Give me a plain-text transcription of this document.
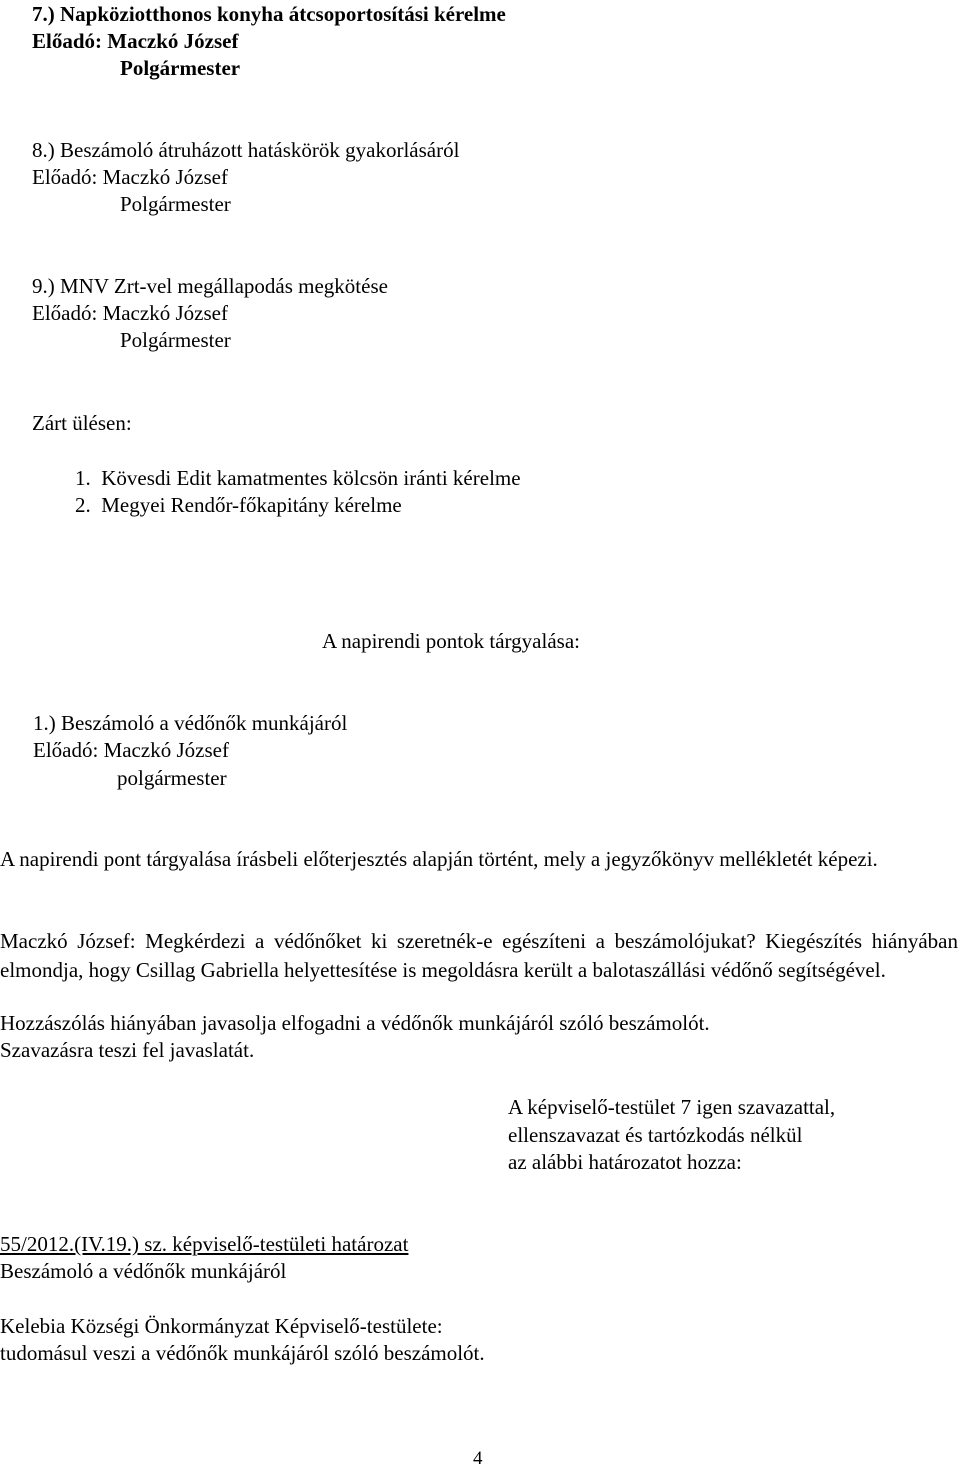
7.) Napköziotthonos konyha átcsoportosítási kérelme
Előadó: Maczkó József
Polgármester
8.) Beszámoló átruházott hatáskörök gyakorlásáról
Előadó: Maczkó József
Polgármester
9.) MNV Zrt-vel megállapodás megkötése
Előadó: Maczkó József
Polgármester
Zárt ülésen:
1.  Kövesdi Edit kamatmentes kölcsön iránti kérelme
2.  Megyei Rendőr-főkapitány kérelme
A napirendi pontok tárgyalása:
1.) Beszámoló a védőnők munkájáról
Előadó: Maczkó József
polgármester
A napirendi pont tárgyalása írásbeli előterjesztés alapján történt, mely a jegyzőkönyv mellékletét képezi.
Maczkó József: Megkérdezi a védőnőket ki szeretnék-e egészíteni a beszámolójukat? Kiegészítés hiányában elmondja, hogy Csillag Gabriella helyettesítése is megoldásra került a balotaszállási védőnő segítségével.
Hozzászólás hiányában javasolja elfogadni a védőnők munkájáról szóló beszámolót.
Szavazásra teszi fel javaslatát.
A képviselő-testület 7 igen szavazattal,
ellenszavazat és tartózkodás nélkül
az alábbi határozatot hozza:
55/2012.(IV.19.) sz. képviselő-testületi határozat
Beszámoló a védőnők munkájáról
Kelebia Községi Önkormányzat Képviselő-testülete:
tudomásul veszi a védőnők munkájáról szóló beszámolót.
4
